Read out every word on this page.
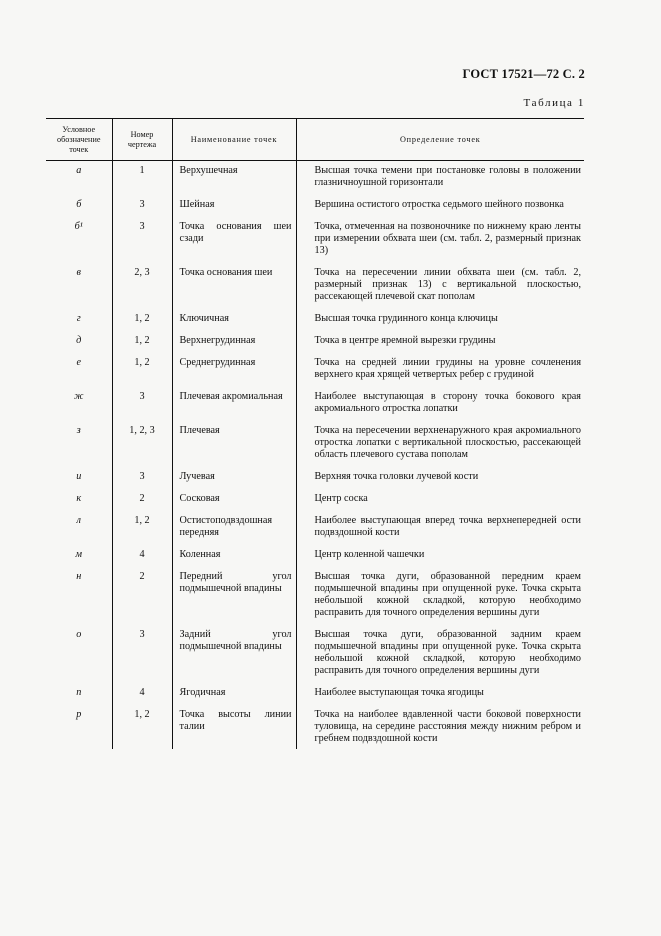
ГОСТ 17521—72 С. 2
Таблица 1
Условное обозначение точек	Номер чертежа	Наименование точек	Определение точек
а	1	Верхушечная	Высшая точка темени при постановке головы в положении глазничноушной горизонтали
б	3	Шейная	Вершина остистого отростка седьмого шейного позвонка
б¹	3	Точка основания шеи сзади	Точка, отмеченная на позвоночнике по нижнему краю ленты при измерении обхвата шеи (см. табл. 2, размерный признак 13)
в	2, 3	Точка основания шеи	Точка на пересечении линии обхвата шеи (см. табл. 2, размерный признак 13) с вертикальной плоскостью, рассекающей плечевой скат пополам
г	1, 2	Ключичная	Высшая точка грудинного конца ключицы
д	1, 2	Верхнегрудинная	Точка в центре яремной вырезки грудины
е	1, 2	Среднегрудинная	Точка на средней линии грудины на уровне сочленения верхнего края хрящей четвертых ребер с грудиной
ж	3	Плечевая акромиальная	Наиболее выступающая в сторону точка бокового края акромиального отростка лопатки
з	1, 2, 3	Плечевая	Точка на пересечении верхненаружного края акромиального отростка лопатки с вертикальной плоскостью, рассекающей область плечевого сустава пополам
и	3	Лучевая	Верхняя точка головки лучевой кости
к	2	Сосковая	Центр соска
л	1, 2	Остистоподвздошная передняя	Наиболее выступающая вперед точка верхнепередней ости подвздошной кости
м	4	Коленная	Центр коленной чашечки
н	2	Передний угол подмышечной впадины	Высшая точка дуги, образованной передним краем подмышечной впадины при опущенной руке. Точка скрыта небольшой кожной складкой, которую необходимо расправить для точного определения вершины дуги
о	3	Задний угол подмышечной впадины	Высшая точка дуги, образованной задним краем подмышечной впадины при опущенной руке. Точка скрыта небольшой кожной складкой, которую необходимо расправить для точного определения вершины дуги
п	4	Ягодичная	Наиболее выступающая точка ягодицы
р	1, 2	Точка высоты линии талии	Точка на наиболее вдавленной части боковой поверхности туловища, на середине расстояния между нижним ребром и гребнем подвздошной кости
